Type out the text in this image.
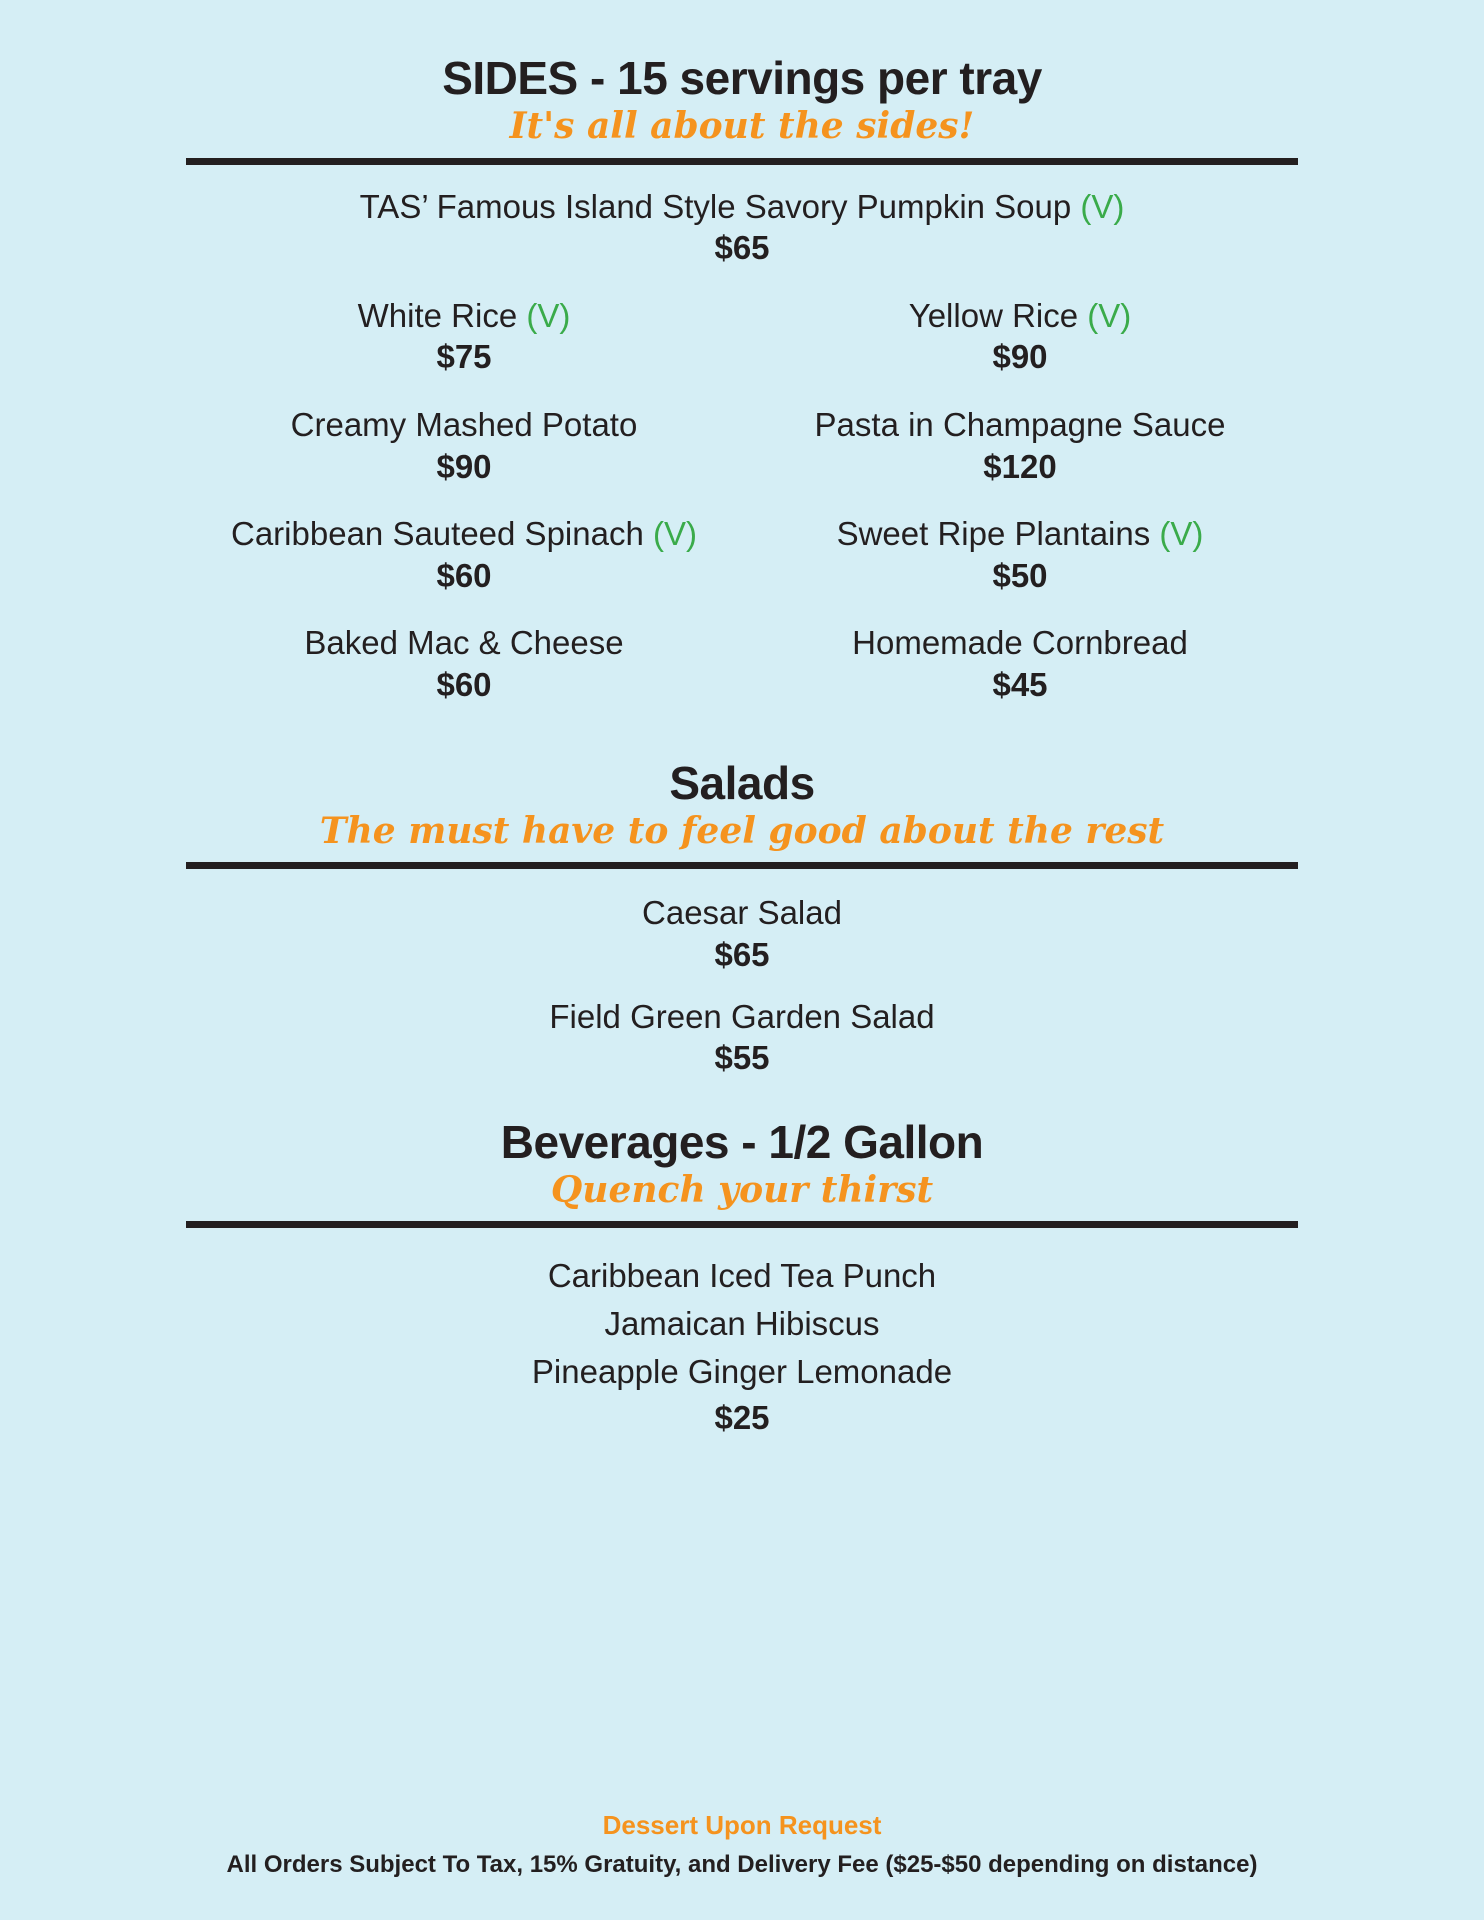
SIDES - 15 servings per tray
It's all about the sides!
TAS’ Famous Island Style Savory Pumpkin Soup (V)
$65
White Rice (V)
$75
Yellow Rice (V)
$90
Creamy Mashed Potato
$90
Pasta in Champagne Sauce
$120
Caribbean Sauteed Spinach (V)
$60
Sweet Ripe Plantains (V)
$50
Baked Mac & Cheese
$60
Homemade Cornbread
$45
Salads
The must have to feel good about the rest
Caesar Salad
$65
Field Green Garden Salad
$55
Beverages - 1/2 Gallon
Quench your thirst
Caribbean Iced Tea Punch
Jamaican Hibiscus
Pineapple Ginger Lemonade
$25
Dessert Upon Request
All Orders Subject To Tax, 15% Gratuity, and Delivery Fee ($25-$50 depending on distance)
